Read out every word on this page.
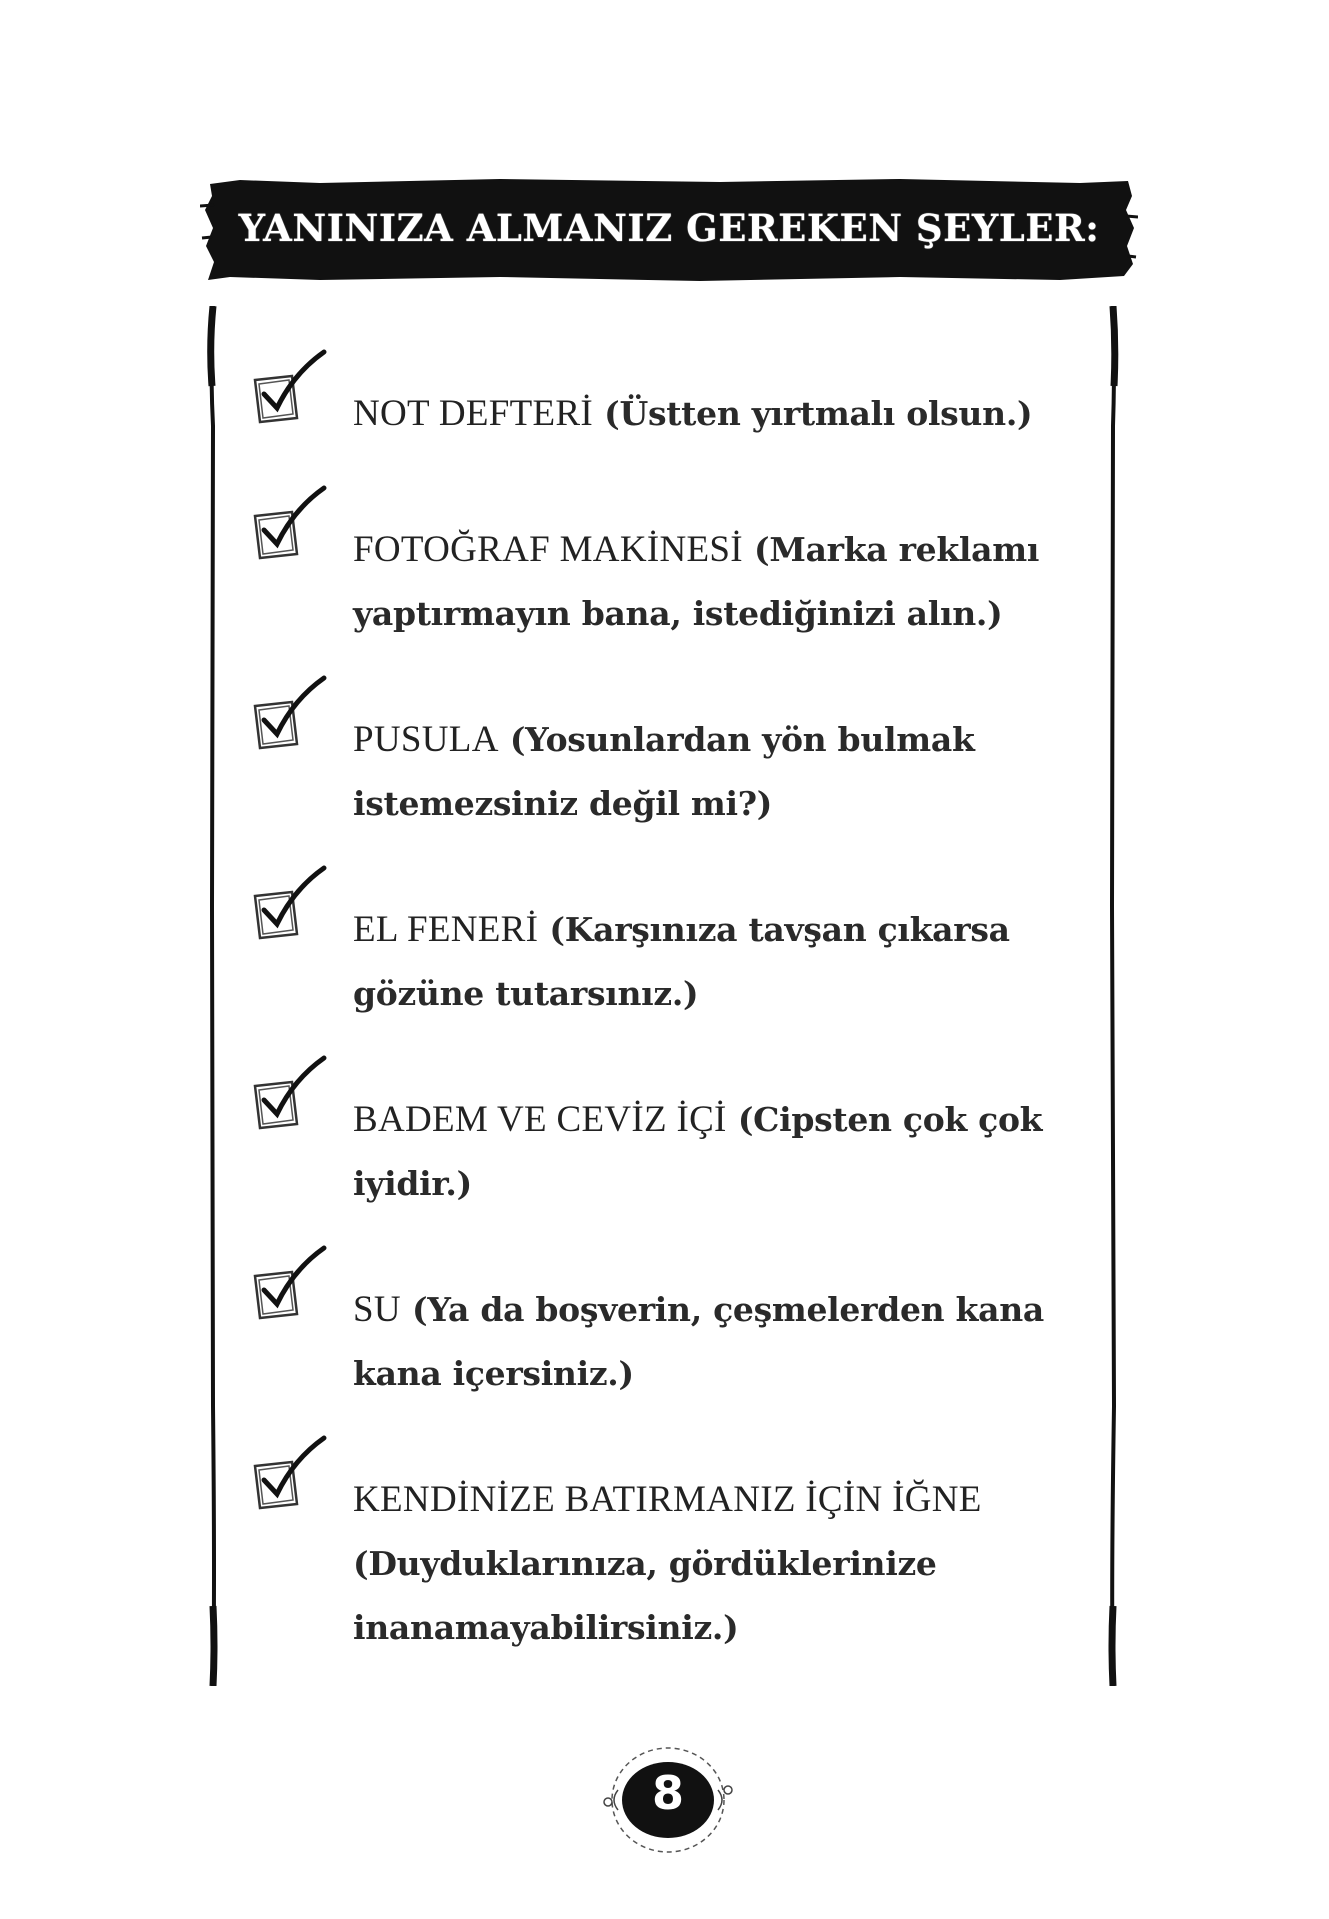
YANINIZA ALMANIZ GEREKEN ŞEYLER:
NOT DEFTERİ (Üstten yırtmalı olsun.)
FOTOĞRAF MAKİNESİ (Marka reklamı yaptırmayın bana, istediğinizi alın.)
PUSULA (Yosunlardan yön bulmak istemezsiniz değil mi?)
EL FENERİ (Karşınıza tavşan çıkarsa gözüne tutarsınız.)
BADEM VE CEVİZ İÇİ (Cipsten çok çok iyidir.)
SU (Ya da boşverin, çeşmelerden kana kana içersiniz.)
KENDİNİZE BATIRMANIZ İÇİN İĞNE (Duyduklarınıza, gördüklerinize inanamayabilirsiniz.)
8
